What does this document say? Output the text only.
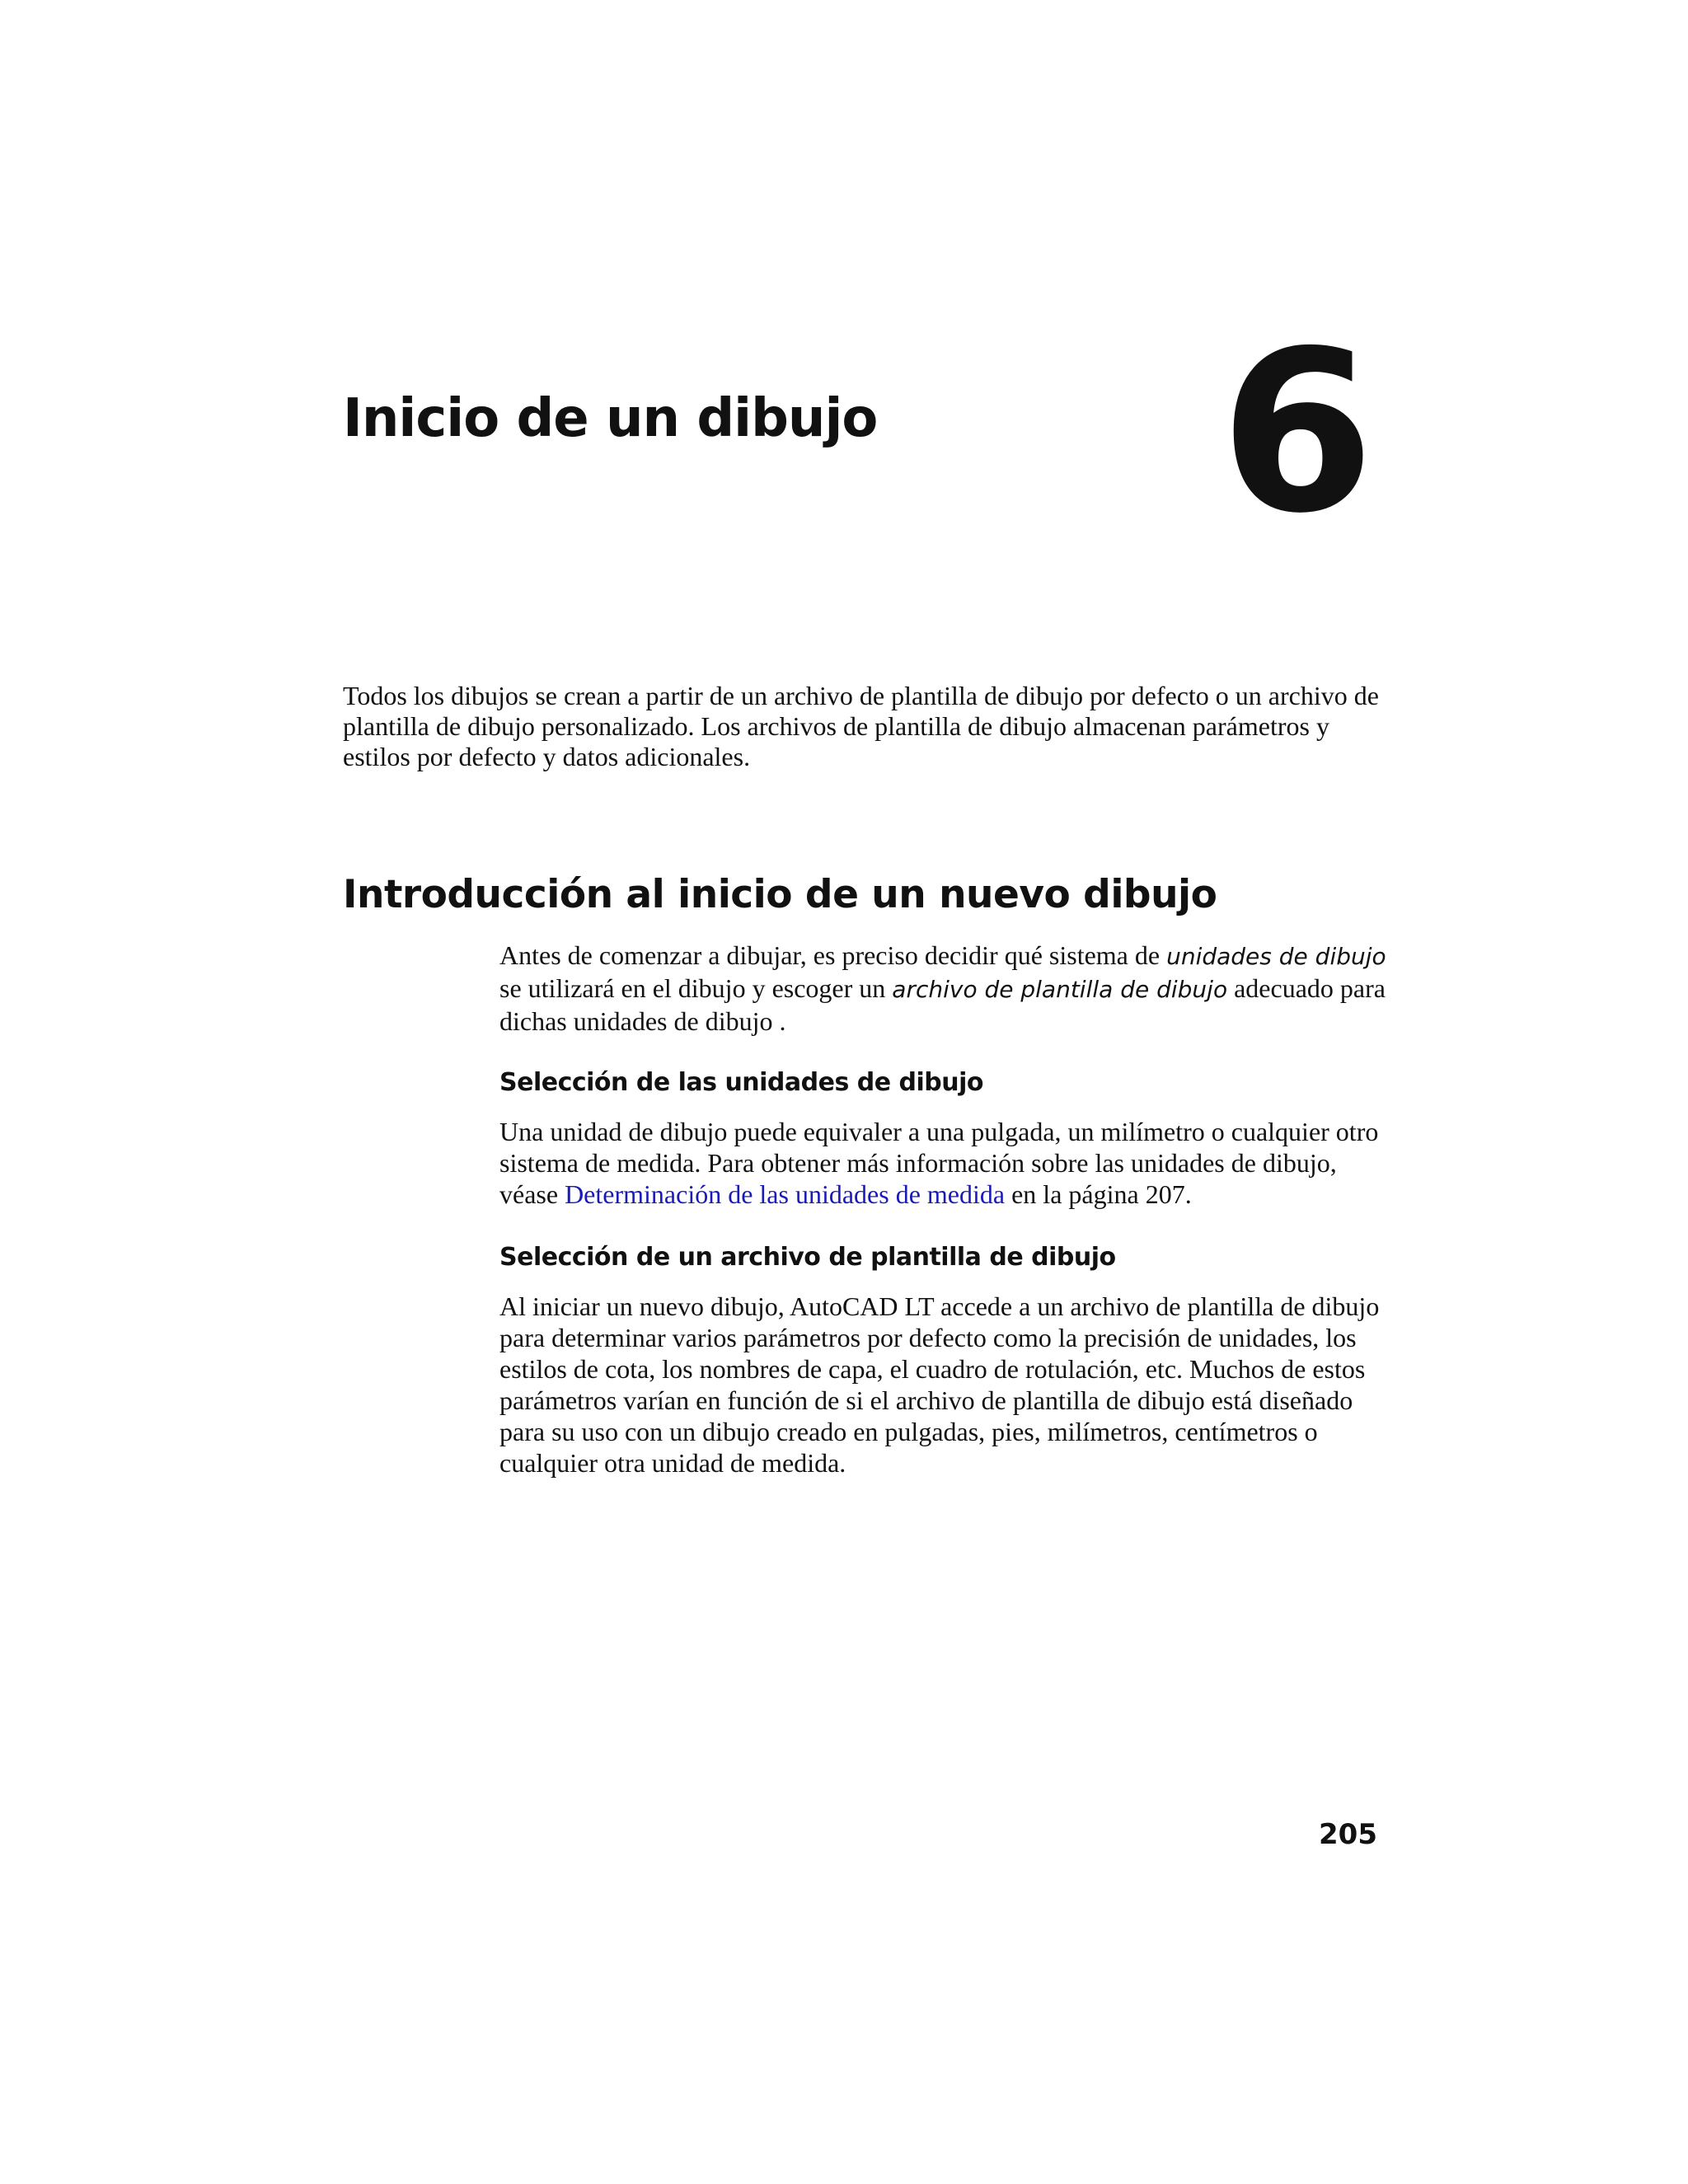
Inicio de un dibujo 6

Todos los dibujos se crean a partir de un archivo de plantilla de dibujo por defecto o un archivo de plantilla de dibujo personalizado. Los archivos de plantilla de dibujo almacenan parámetros y estilos por defecto y datos adicionales.

Introducción al inicio de un nuevo dibujo

Antes de comenzar a dibujar, es preciso decidir qué sistema de unidades de dibujo se utilizará en el dibujo y escoger un archivo de plantilla de dibujo adecuado para dichas unidades de dibujo .

Selección de las unidades de dibujo

Una unidad de dibujo puede equivaler a una pulgada, un milímetro o cualquier otro sistema de medida. Para obtener más información sobre las unidades de dibujo, véase Determinación de las unidades de medida en la página 207.

Selección de un archivo de plantilla de dibujo

Al iniciar un nuevo dibujo, AutoCAD LT accede a un archivo de plantilla de dibujo para determinar varios parámetros por defecto como la precisión de unidades, los estilos de cota, los nombres de capa, el cuadro de rotulación, etc. Muchos de estos parámetros varían en función de si el archivo de plantilla de dibujo está diseñado para su uso con un dibujo creado en pulgadas, pies, milímetros, centímetros o cualquier otra unidad de medida.

205
